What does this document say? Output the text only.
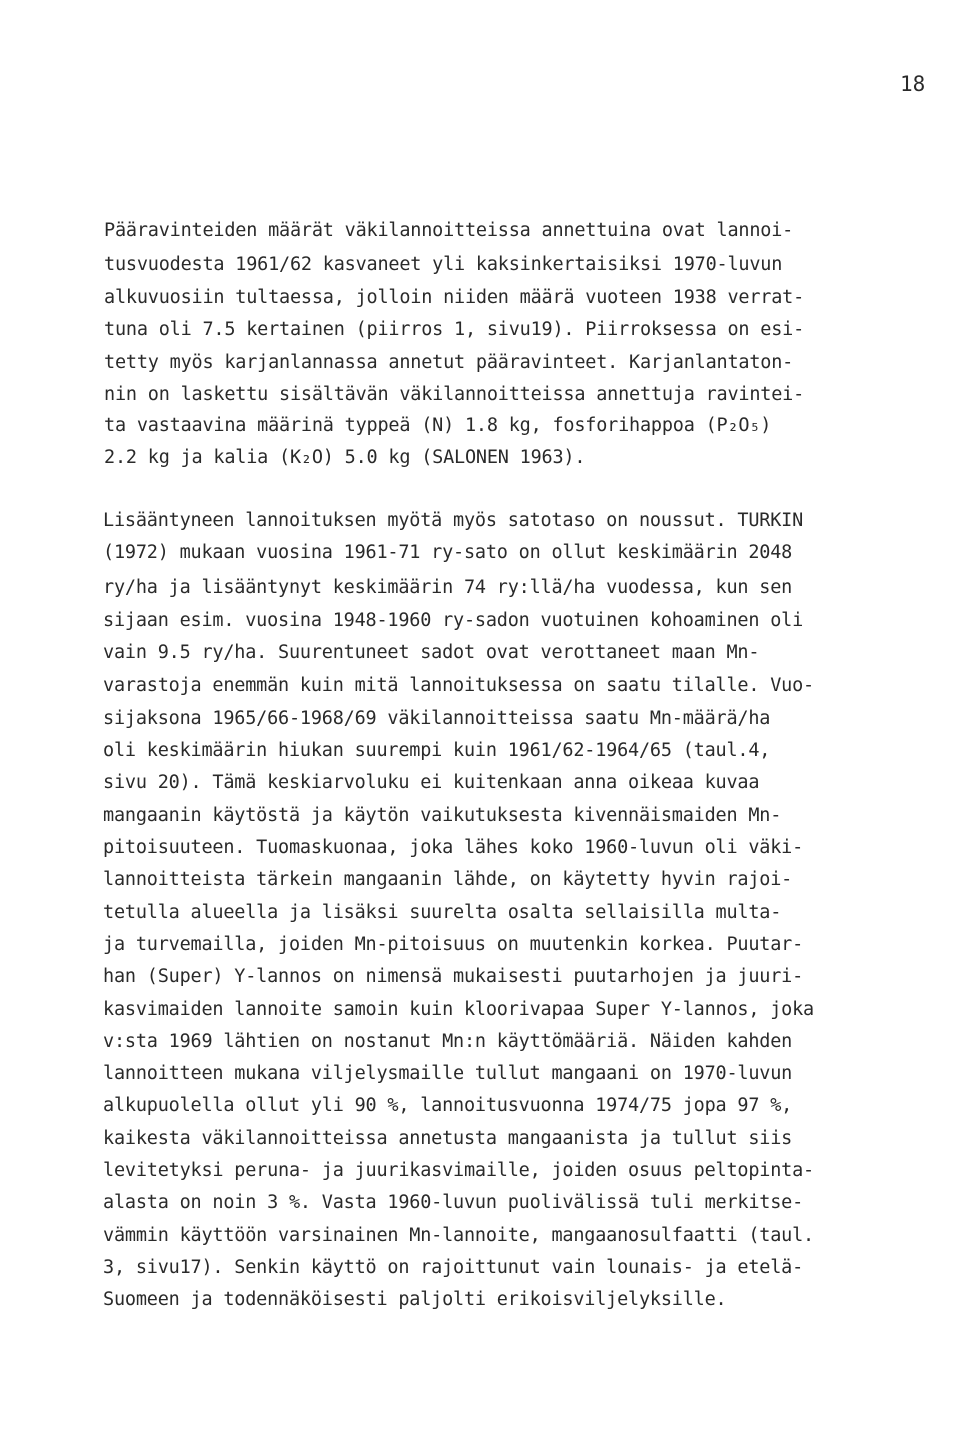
18
Pääravinteiden määrät väkilannoitteissa annettuina ovat lannoi-
tusvuodesta 1961/62 kasvaneet yli kaksinkertaisiksi 1970-luvun
alkuvuosiin tultaessa, jolloin niiden määrä vuoteen 1938 verrat-
tuna oli 7.5 kertainen (piirros 1, sivu19). Piirroksessa on esi-
tetty myös karjanlannassa annetut pääravinteet. Karjanlantaton-
nin on laskettu sisältävän väkilannoitteissa annettuja ravintei-
ta vastaavina määrinä typpeä (N) 1.8 kg, fosforihappoa (P₂O₅)
2.2 kg ja kalia (K₂O) 5.0 kg (SALONEN 1963).
Lisääntyneen lannoituksen myötä myös satotaso on noussut. TURKIN
(1972) mukaan vuosina 1961-71 ry-sato on ollut keskimäärin 2048
ry/ha ja lisääntynyt keskimäärin 74 ry:llä/ha vuodessa, kun sen
sijaan esim. vuosina 1948-1960 ry-sadon vuotuinen kohoaminen oli
vain 9.5 ry/ha. Suurentuneet sadot ovat verottaneet maan Mn-
varastoja enemmän kuin mitä lannoituksessa on saatu tilalle. Vuo-
sijaksona 1965/66-1968/69 väkilannoitteissa saatu Mn-määrä/ha
oli keskimäärin hiukan suurempi kuin 1961/62-1964/65 (taul.4,
sivu 20). Tämä keskiarvoluku ei kuitenkaan anna oikeaa kuvaa
mangaanin käytöstä ja käytön vaikutuksesta kivennäismaiden Mn-
pitoisuuteen. Tuomaskuonaa, joka lähes koko 1960-luvun oli väki-
lannoitteista tärkein mangaanin lähde, on käytetty hyvin rajoi-
tetulla alueella ja lisäksi suurelta osalta sellaisilla multa-
ja turvemailla, joiden Mn-pitoisuus on muutenkin korkea. Puutar-
han (Super) Y-lannos on nimensä mukaisesti puutarhojen ja juuri-
kasvimaiden lannoite samoin kuin kloorivapaa Super Y-lannos, joka
v:sta 1969 lähtien on nostanut Mn:n käyttömääriä. Näiden kahden
lannoitteen mukana viljelysmaille tullut mangaani on 1970-luvun
alkupuolella ollut yli 90 %, lannoitusvuonna 1974/75 jopa 97 %,
kaikesta väkilannoitteissa annetusta mangaanista ja tullut siis
levitetyksi peruna- ja juurikasvimaille, joiden osuus peltopinta-
alasta on noin 3 %. Vasta 1960-luvun puolivälissä tuli merkitse-
vämmin käyttöön varsinainen Mn-lannoite, mangaanosulfaatti (taul.
3, sivu17). Senkin käyttö on rajoittunut vain lounais- ja etelä-
Suomeen ja todennäköisesti paljolti erikoisviljelyksille.
